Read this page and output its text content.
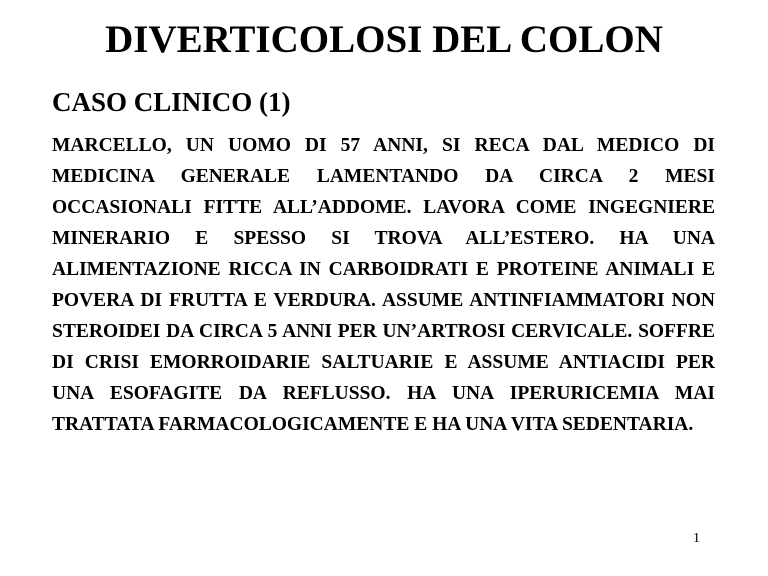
DIVERTICOLOSI DEL COLON
CASO CLINICO (1)

MARCELLO, UN UOMO DI 57 ANNI, SI RECA DAL MEDICO DI MEDICINA GENERALE LAMENTANDO DA CIRCA 2 MESI OCCASIONALI FITTE ALL’ADDOME. LAVORA COME INGEGNIERE MINERARIO E SPESSO SI TROVA ALL’ESTERO. HA UNA ALIMENTAZIONE RICCA IN CARBOIDRATI E PROTEINE ANIMALI E POVERA DI FRUTTA E VERDURA. ASSUME ANTINFIAMMATORI NON STEROIDEI DA CIRCA 5 ANNI PER UN’ARTROSI CERVICALE. SOFFRE DI CRISI EMORROIDARIE SALTUARIE E ASSUME ANTIACIDI PER UNA ESOFAGITE DA REFLUSSO. HA UNA IPERURICEMIA MAI TRATTATA FARMACOLOGICAMENTE E HA UNA VITA SEDENTARIA.

1
